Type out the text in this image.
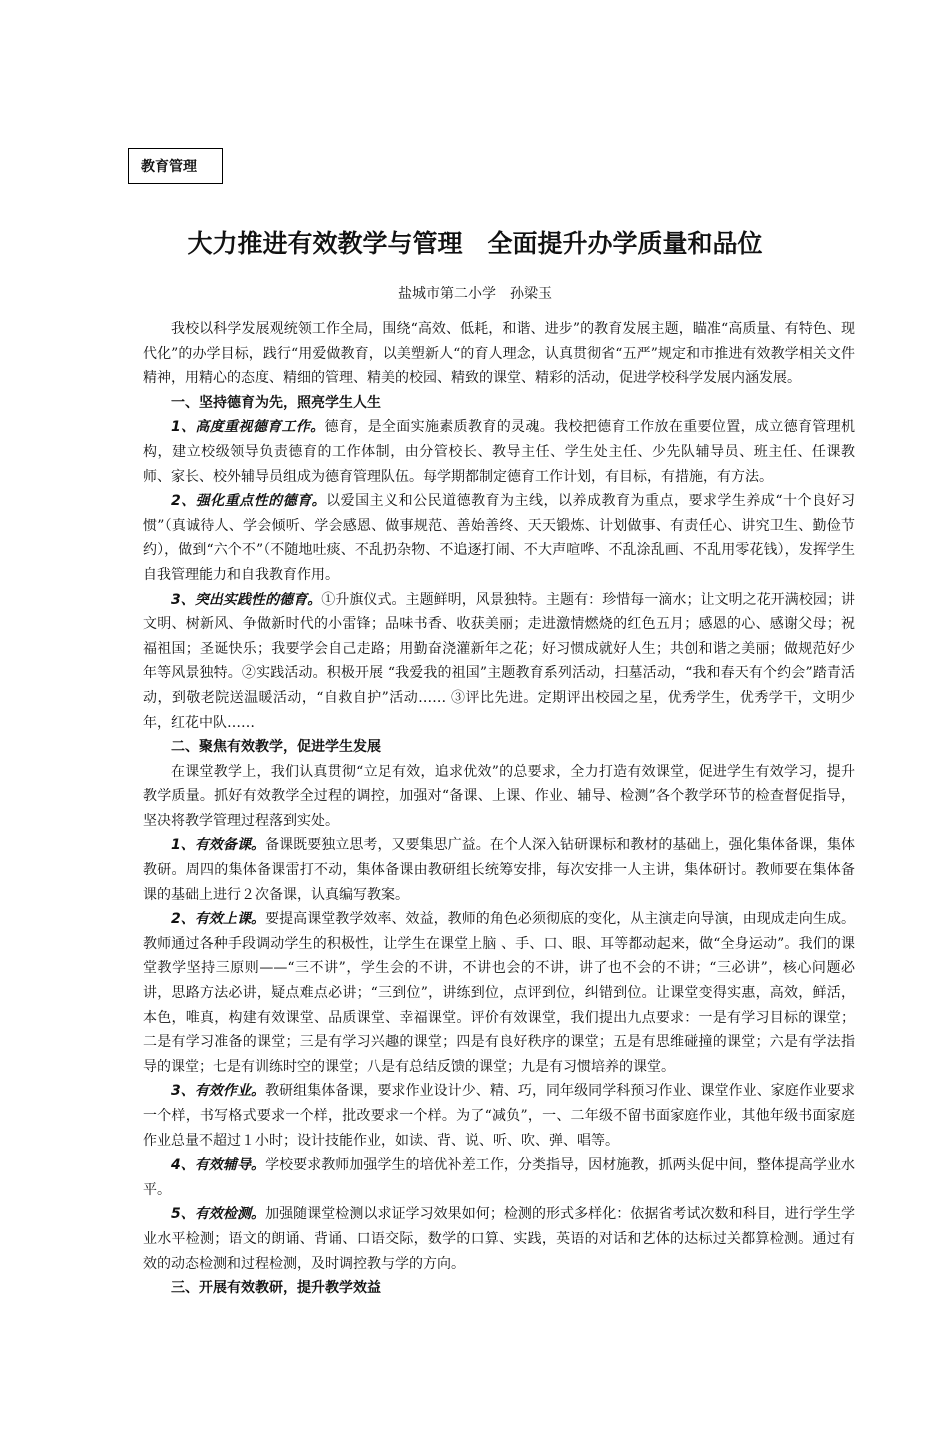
教育管理
大力推进有效教学与管理　全面提升办学质量和品位
盐城市第二小学　孙梁玉

我校以科学发展观统领工作全局，围绕“高效、低耗，和谐、进步”的教育发展主题，瞄准“高质量、有特色、现代化”的办学目标，践行“用爱做教育，以美塑新人“的育人理念，认真贯彻省“五严”规定和市推进有效教学相关文件精神，用精心的态度、精细的管理、精美的校园、精致的课堂、精彩的活动，促进学校科学发展内涵发展。

一、坚持德育为先，照亮学生人生

1、高度重视德育工作。德育，是全面实施素质教育的灵魂。我校把德育工作放在重要位置，成立德育管理机构，建立校级领导负责德育的工作体制，由分管校长、教导主任、学生处主任、少先队辅导员、班主任、任课教师、家长、校外辅导员组成为德育管理队伍。每学期都制定德育工作计划，有目标，有措施，有方法。

2、强化重点性的德育。以爱国主义和公民道德教育为主线，以养成教育为重点，要求学生养成“十个良好习惯”（真诚待人、学会倾听、学会感恩、做事规范、善始善终、天天锻炼、计划做事、有责任心、讲究卫生、勤俭节约），做到“六个不”（不随地吐痰、不乱扔杂物、不追逐打闹、不大声喧哗、不乱涂乱画、不乱用零花钱），发挥学生自我管理能力和自我教育作用。

3、突出实践性的德育。①升旗仪式。主题鲜明，风景独特。主题有：珍惜每一滴水；让文明之花开满校园；讲文明、树新风、争做新时代的小雷锋；品味书香、收获美丽；走进激情燃烧的红色五月；感恩的心、感谢父母；祝福祖国；圣诞快乐；我要学会自己走路；用勤奋浇灌新年之花；好习惯成就好人生；共创和谐之美丽；做规范好少年等风景独特。②实践活动。积极开展 “我爱我的祖国”主题教育系列活动，扫墓活动，“我和春天有个约会”踏青活动，到敬老院送温暖活动，“自救自护”活动…… ③评比先进。定期评出校园之星，优秀学生，优秀学干，文明少年，红花中队……

二、聚焦有效教学，促进学生发展

在课堂教学上，我们认真贯彻“立足有效，追求优效”的总要求，全力打造有效课堂，促进学生有效学习，提升教学质量。抓好有效教学全过程的调控，加强对“备课、上课、作业、辅导、检测”各个教学环节的检查督促指导，坚决将教学管理过程落到实处。

1、有效备课。备课既要独立思考，又要集思广益。在个人深入钻研课标和教材的基础上，强化集体备课，集体教研。周四的集体备课雷打不动，集体备课由教研组长统筹安排，每次安排一人主讲，集体研讨。教师要在集体备课的基础上进行２次备课，认真编写教案。

2、有效上课。要提高课堂教学效率、效益，教师的角色必须彻底的变化，从主演走向导演，由现成走向生成。教师通过各种手段调动学生的积极性，让学生在课堂上脑 、手、口、眼、耳等都动起来，做“全身运动”。我们的课堂教学坚持三原则——“三不讲”，学生会的不讲，不讲也会的不讲，讲了也不会的不讲；“三必讲”，核心问题必讲，思路方法必讲，疑点难点必讲；“三到位”，讲练到位，点评到位，纠错到位。让课堂变得实惠，高效，鲜活，本色，唯真，构建有效课堂、品质课堂、幸福课堂。评价有效课堂，我们提出九点要求：一是有学习目标的课堂；二是有学习准备的课堂；三是有学习兴趣的课堂；四是有良好秩序的课堂；五是有思维碰撞的课堂；六是有学法指导的课堂；七是有训练时空的课堂；八是有总结反馈的课堂；九是有习惯培养的课堂。

3、有效作业。教研组集体备课，要求作业设计少、精、巧，同年级同学科预习作业、课堂作业、家庭作业要求一个样，书写格式要求一个样，批改要求一个样。为了“减负”，一、二年级不留书面家庭作业，其他年级书面家庭作业总量不超过１小时；设计技能作业，如读、背、说、听、吹、弹、唱等。

4、有效辅导。学校要求教师加强学生的培优补差工作，分类指导，因材施教，抓两头促中间，整体提高学业水平。

5、有效检测。加强随课堂检测以求证学习效果如何；检测的形式多样化：依据省考试次数和科目，进行学生学业水平检测；语文的朗诵、背诵、口语交际，数学的口算、实践，英语的对话和艺体的达标过关都算检测。通过有效的动态检测和过程检测，及时调控教与学的方向。

三、开展有效教研，提升教学效益
